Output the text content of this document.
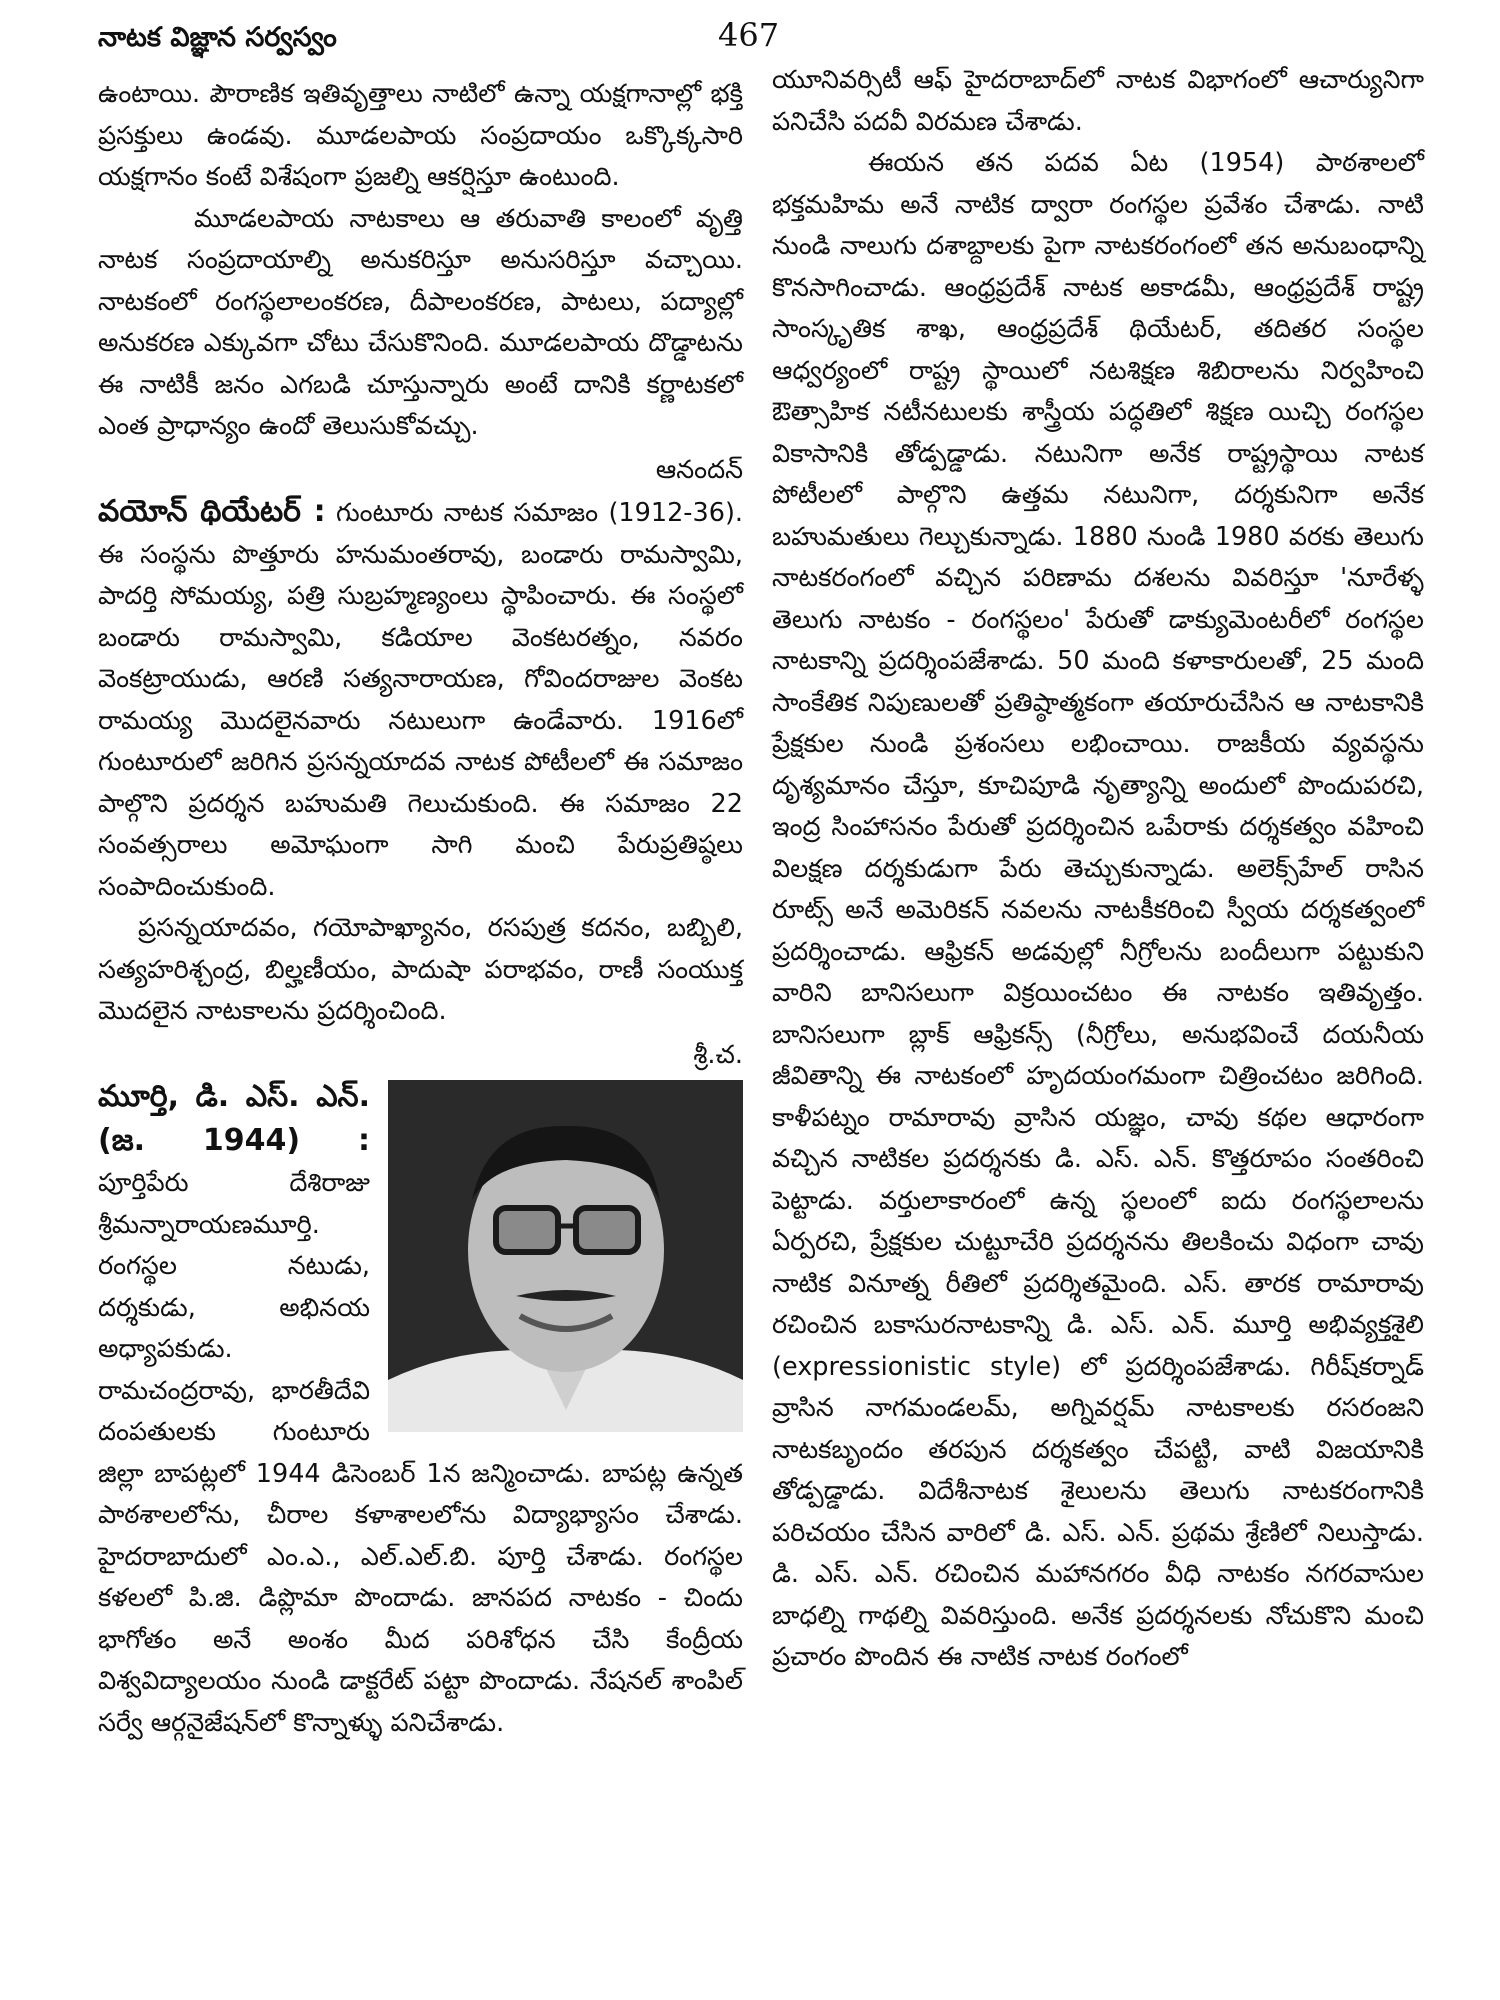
నాటక విజ్ఞాన సర్వస్వం	467

ఉంటాయి. పౌరాణిక ఇతివృత్తాలు నాటిలో ఉన్నా యక్షగానాల్లో భక్తి ప్రసక్తులు ఉండవు. మూడలపాయ సంప్రదాయం ఒక్కొక్కసారి యక్షగానం కంటే విశేషంగా ప్రజల్ని ఆకర్షిస్తూ ఉంటుంది.

మూడలపాయ నాటకాలు ఆ తరువాతి కాలంలో వృత్తి నాటక సంప్రదాయాల్ని అనుకరిస్తూ అనుసరిస్తూ వచ్చాయి. నాటకంలో రంగస్థలాలంకరణ, దీపాలంకరణ, పాటలు, పద్యాల్లో అనుకరణ ఎక్కువగా చోటు చేసుకొనింది. మూడలపాయ దొడ్డాటను ఈ నాటికీ జనం ఎగబడి చూస్తున్నారు అంటే దానికి కర్ణాటకలో ఎంత ప్రాధాన్యం ఉందో తెలుసుకోవచ్చు.

ఆనందన్

వయోన్ థియేటర్ : గుంటూరు నాటక సమాజం (1912-36). ఈ సంస్థను పొత్తూరు హనుమంతరావు, బండారు రామస్వామి, పాదర్తి సోమయ్య, పత్రి సుబ్రహ్మణ్యంలు స్థాపించారు. ఈ సంస్థలో బండారు రామస్వామి, కడియాల వెంకటరత్నం, నవరం వెంకట్రాయుడు, ఆరణి సత్యనారాయణ, గోవిందరాజుల వెంకట రామయ్య మొదలైనవారు నటులుగా ఉండేవారు. 1916లో గుంటూరులో జరిగిన ప్రసన్నయాదవ నాటక పోటీలలో ఈ సమాజం పాల్గొని ప్రదర్శన బహుమతి గెలుచుకుంది. ఈ సమాజం 22 సంవత్సరాలు అమోఘంగా సాగి మంచి పేరుప్రతిష్ఠలు సంపాదించుకుంది.

ప్రసన్నయాదవం, గయోపాఖ్యానం, రసపుత్ర కదనం, బబ్బిలి, సత్యహరిశ్చంద్ర, బిల్హణీయం, పాదుషా పరాభవం, రాణీ సంయుక్త మొదలైన నాటకాలను ప్రదర్శించింది.

శ్రీ.చ.

మూర్తి, డి. ఎస్. ఎన్. (జ. 1944) : పూర్తిపేరు దేశిరాజు శ్రీమన్నారాయణమూర్తి. రంగస్థల నటుడు, దర్శకుడు, అభినయ అధ్యాపకుడు. రామచంద్రరావు, భారతీదేవి దంపతులకు గుంటూరు జిల్లా బాపట్లలో 1944 డిసెంబర్ 1న జన్మించాడు. బాపట్ల ఉన్నత పాఠశాలలోను, చీరాల కళాశాలలోను విద్యాభ్యాసం చేశాడు. హైదరాబాదులో ఎం.ఎ., ఎల్.ఎల్.బి. పూర్తి చేశాడు. రంగస్థల కళలలో పి.జి. డిప్లొమా పొందాడు. జానపద నాటకం - చిందు భాగోతం అనే అంశం మీద పరిశోధన చేసి కేంద్రీయ విశ్వవిద్యాలయం నుండి డాక్టరేట్ పట్టా పొందాడు. నేషనల్ శాంపిల్ సర్వే ఆర్గనైజేషన్‌లో కొన్నాళ్ళు పనిచేశాడు.

యూనివర్సిటీ ఆఫ్ హైదరాబాద్‌లో నాటక విభాగంలో ఆచార్యునిగా పనిచేసి పదవీ విరమణ చేశాడు.

ఈయన తన పదవ ఏట (1954) పాఠశాలలో భక్తమహిమ అనే నాటిక ద్వారా రంగస్థల ప్రవేశం చేశాడు. నాటి నుండి నాలుగు దశాబ్దాలకు పైగా నాటకరంగంలో తన అనుబంధాన్ని కొనసాగించాడు. ఆంధ్రప్రదేశ్ నాటక అకాడమీ, ఆంధ్రప్రదేశ్ రాష్ట్ర సాంస్కృతిక శాఖ, ఆంధ్రప్రదేశ్ థియేటర్, తదితర సంస్థల ఆధ్వర్యంలో రాష్ట్ర స్థాయిలో నటశిక్షణ శిబిరాలను నిర్వహించి ఔత్సాహిక నటీనటులకు శాస్త్రీయ పద్ధతిలో శిక్షణ యిచ్చి రంగస్థల వికాసానికి తోడ్పడ్డాడు. నటునిగా అనేక రాష్ట్రస్థాయి నాటక పోటీలలో పాల్గొని ఉత్తమ నటునిగా, దర్శకునిగా అనేక బహుమతులు గెల్చుకున్నాడు. 1880 నుండి 1980 వరకు తెలుగు నాటకరంగంలో వచ్చిన పరిణామ దశలను వివరిస్తూ 'నూరేళ్ళ తెలుగు నాటకం - రంగస్థలం' పేరుతో డాక్యుమెంటరీలో రంగస్థల నాటకాన్ని ప్రదర్శింపజేశాడు. 50 మంది కళాకారులతో, 25 మంది సాంకేతిక నిపుణులతో ప్రతిష్ఠాత్మకంగా తయారుచేసిన ఆ నాటకానికి ప్రేక్షకుల నుండి ప్రశంసలు లభించాయి. రాజకీయ వ్యవస్థను దృశ్యమానం చేస్తూ, కూచిపూడి నృత్యాన్ని అందులో పొందుపరచి, ఇంద్ర సింహాసనం పేరుతో ప్రదర్శించిన ఒపేరాకు దర్శకత్వం వహించి విలక్షణ దర్శకుడుగా పేరు తెచ్చుకున్నాడు. అలెక్స్‌హేల్ రాసిన రూట్స్ అనే అమెరికన్ నవలను నాటకీకరించి స్వీయ దర్శకత్వంలో ప్రదర్శించాడు. ఆఫ్రికన్ అడవుల్లో నీగ్రోలను బందీలుగా పట్టుకుని వారిని బానిసలుగా విక్రయించటం ఈ నాటకం ఇతివృత్తం. బానిసలుగా బ్లాక్ ఆఫ్రికన్స్ (నీగ్రోలు, అనుభవించే దయనీయ జీవితాన్ని ఈ నాటకంలో హృదయంగమంగా చిత్రించటం జరిగింది. కాళీపట్నం రామారావు వ్రాసిన యజ్ఞం, చావు కథల ఆధారంగా వచ్చిన నాటికల ప్రదర్శనకు డి. ఎస్. ఎన్. కొత్తరూపం సంతరించి పెట్టాడు. వర్తులాకారంలో ఉన్న స్థలంలో ఐదు రంగస్థలాలను ఏర్పరచి, ప్రేక్షకుల చుట్టూచేరి ప్రదర్శనను తిలకించు విధంగా చావు నాటిక వినూత్న రీతిలో ప్రదర్శితమైంది. ఎస్. తారక రామారావు రచించిన బకాసురనాటకాన్ని డి. ఎస్. ఎన్. మూర్తి అభివ్యక్తశైలి (expressionistic style) లో ప్రదర్శింపజేశాడు. గిరీష్‌కర్నాడ్ వ్రాసిన నాగమండలమ్, అగ్నివర్షమ్ నాటకాలకు రసరంజని నాటకబృందం తరపున దర్శకత్వం చేపట్టి, వాటి విజయానికి తోడ్పడ్డాడు. విదేశీనాటక శైలులను తెలుగు నాటకరంగానికి పరిచయం చేసిన వారిలో డి. ఎస్. ఎన్. ప్రథమ శ్రేణిలో నిలుస్తాడు. డి. ఎస్. ఎన్. రచించిన మహానగరం వీధి నాటకం నగరవాసుల బాధల్ని గాథల్ని వివరిస్తుంది. అనేక ప్రదర్శనలకు నోచుకొని మంచి ప్రచారం పొందిన ఈ నాటిక నాటక రంగంలో
